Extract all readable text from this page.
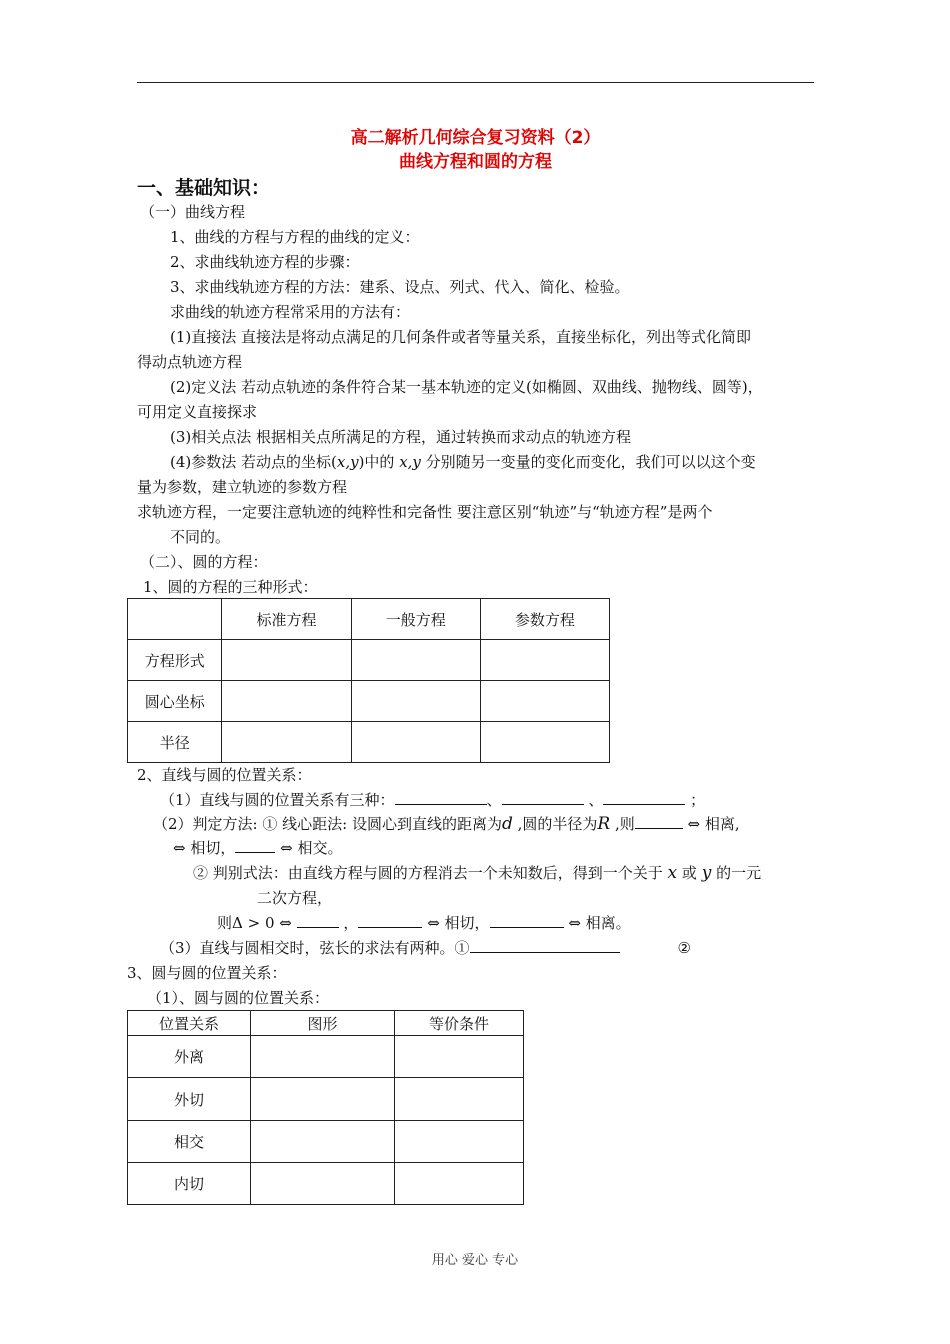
高二解析几何综合复习资料（2）
曲线方程和圆的方程
一、基础知识：
（一）曲线方程
1、曲线的方程与方程的曲线的定义：
2、求曲线轨迹方程的步骤：
3、求曲线轨迹方程的方法：建系、设点、列式、代入、简化、检验。
求曲线的轨迹方程常采用的方法有：
(1)直接法 直接法是将动点满足的几何条件或者等量关系，直接坐标化，列出等式化简即
得动点轨迹方程
(2)定义法 若动点轨迹的条件符合某一基本轨迹的定义(如椭圆、双曲线、抛物线、圆等)，
可用定义直接探求
(3)相关点法 根据相关点所满足的方程，通过转换而求动点的轨迹方程
(4)参数法 若动点的坐标(x,y)中的 x,y 分别随另一变量的变化而变化，我们可以以这个变
量为参数，建立轨迹的参数方程
求轨迹方程，一定要注意轨迹的纯粹性和完备性 要注意区别“轨迹”与“轨迹方程”是两个
不同的。
（二）、圆的方程：
1、圆的方程的三种形式：
	标准方程	一般方程	参数方程
方程形式			
圆心坐标			
半径			
2、直线与圆的位置关系：
（1）直线与圆的位置关系有三种：	、	、	；
（2）判定方法: ① 线心距法: 设圆心到直线的距离为d ,圆的半径为R ,则	⇔ 相离,
⇔ 相切，	⇔ 相交。
② 判别式法：由直线方程与圆的方程消去一个未知数后，得到一个关于 x 或 y 的一元
二次方程，
则Δ > 0 ⇔	，	⇔ 相切，	⇔ 相离。
（3）直线与圆相交时，弦长的求法有两种。①	②
3、圆与圆的位置关系：
（1）、圆与圆的位置关系：
位置关系	图形	等价条件
外离		
外切		
相交		
内切		
用心 爱心 专心
